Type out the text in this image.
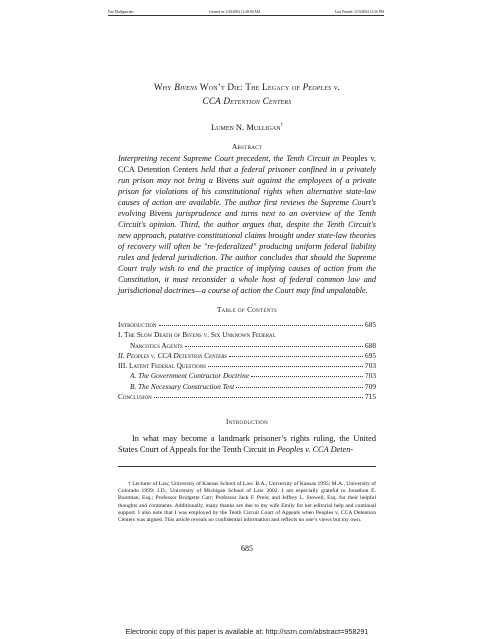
Fire Mulligan.doc	Created on 1/30/2004 11:28:00 AM	Last Printed: 2/19/2004 12:56 PM
Why Bivens Won’t Die: The Legacy of Peoples v.
CCA Detention Centers
Lumen N. Mulligan†
Abstract
Interpreting recent Supreme Court precedent, the Tenth Circuit in Peoples v. CCA Detention Centers held that a federal prisoner confined in a privately run prison may not bring a Bivens suit against the employees of a private prison for violations of his constitutional rights when alternative state-law causes of action are available. The author first reviews the Supreme Court's evolving Bivens jurisprudence and turns next to an overview of the Tenth Circuit's opinion. Third, the author argues that, despite the Tenth Circuit's new approach, putative constitutional claims brought under state-law theories of recovery will often be "re-federalized" producing uniform federal liability rules and federal jurisdiction. The author concludes that should the Supreme Court truly wish to end the practice of implying causes of action from the Constitution, it must reconsider a whole host of federal common law and jurisdictional doctrines—a course of action the Court may find unpalatable.
Table of Contents
Introduction	685
I. The Slow Death of Bivens v. Six Unknown Federal
Narcotics Agents	688
II. Peoples v. CCA Detention Centers	695
III. Latent Federal Questions	703
A. The Government Contractor Doctrine	703
B. The Necessary Construction Test	709
Conclusion	715
Introduction
In what may become a landmark prisoner’s rights ruling, the United States Court of Appeals for the Tenth Circuit in Peoples v. CCA Deten-
† Lecturer of Law, University of Kansas School of Law. B.A., University of Kansas 1995; M.A., University of Colorado 1999; J.D., University of Michigan School of Law 2002. I am especially grateful to Jonathon E. Bootman, Esq.; Professor Bridgette Carr; Professor Jack F. Preis; and Jeffrey L. Stowell, Esq. for their helpful thoughts and comments. Additionally, many thanks are due to my wife Emily for her editorial help and continual support. I also note that I was employed by the Tenth Circuit Court of Appeals when Peoples v. CCA Detention Centers was argued. This article reveals no confidential information and reflects no one’s views but my own.
685
Electronic copy of this paper is available at: http://ssrn.com/abstract=958291
